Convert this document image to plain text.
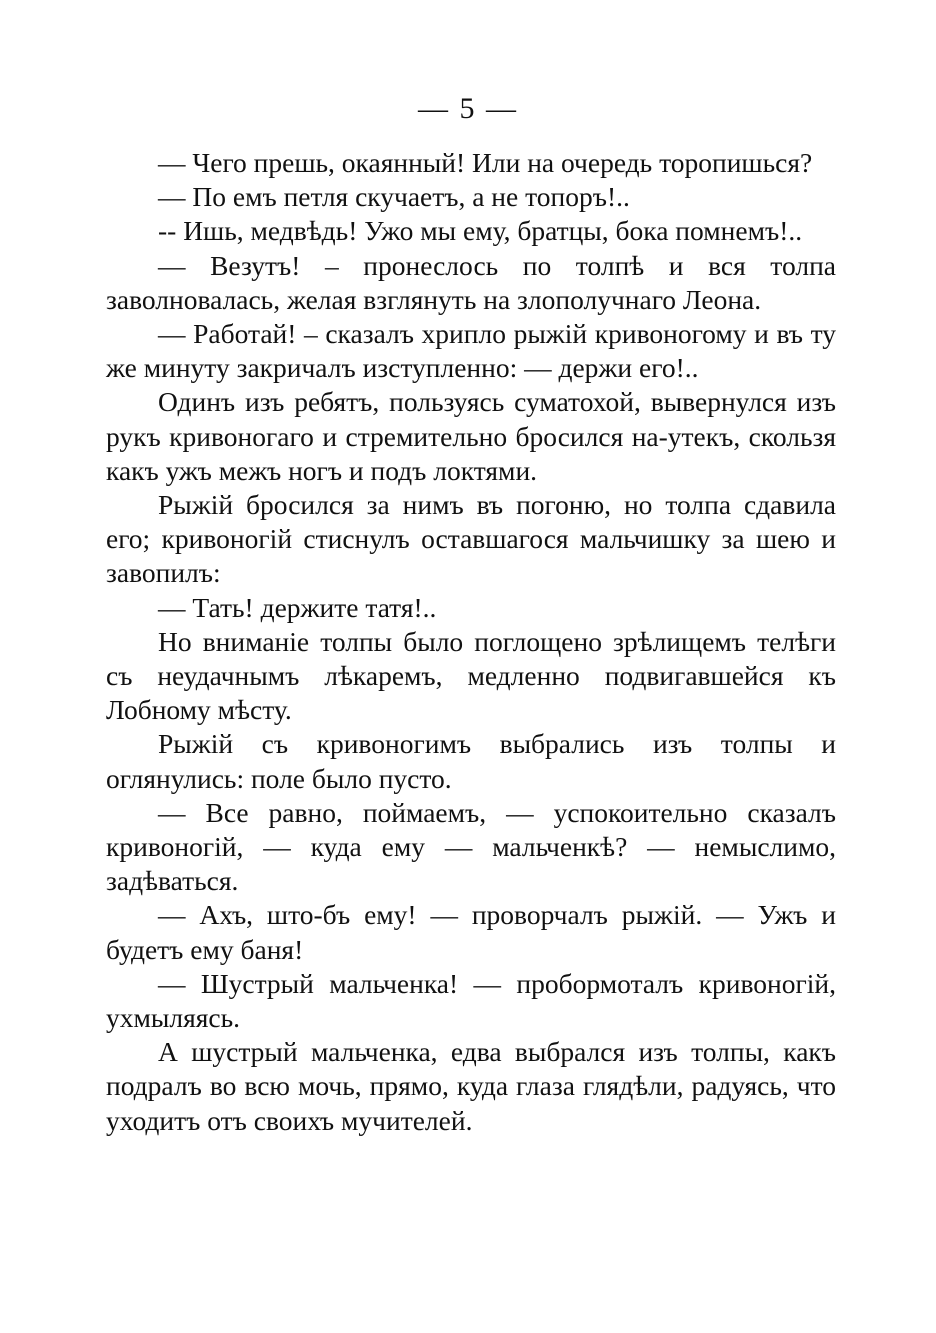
— 5 —

— Чего прешь, окаянный! Или на очередь торопишься?

— По емъ петля скучаетъ, а не топоръ!..

-- Ишь, медвѣдь! Ужо мы ему, братцы, бока помнемъ!..

— Везутъ! – пронеслось по толпѣ и вся толпа заволновалась, желая взглянуть на злополучнаго Леона.

— Работай! – сказалъ хрипло рыжій кривоногому и въ ту же минуту закричалъ изступленно: — держи его!..

Одинъ изъ ребятъ, пользуясь суматохой, вывернулся изъ рукъ кривоногаго и стремительно бросился на-утекъ, скользя какъ ужъ межъ ногъ и подъ локтями.

Рыжій бросился за нимъ въ погоню, но толпа сдавила его; кривоногій стиснулъ оставшагося мальчишку за шею и завопилъ:

— Тать! держите татя!..

Но вниманіе толпы было поглощено зрѣлищемъ телѣги съ неудачнымъ лѣкаремъ, медленно подвигавшейся къ Лобному мѣсту.

Рыжій съ кривоногимъ выбрались изъ толпы и оглянулись: поле было пусто.

— Все равно, поймаемъ, — успокоительно сказалъ кривоногій, — куда ему — мальченкѣ? — немыслимо, задѣваться.

— Ахъ, што-бъ ему! — проворчалъ рыжій. — Ужъ и будетъ ему баня!

— Шустрый мальченка! — пробормоталъ кривоногій, ухмыляясь.

А шустрый мальченка, едва выбрался изъ толпы, какъ подралъ во всю мочь, прямо, куда глаза глядѣли, радуясь, что уходитъ отъ своихъ мучителей.
